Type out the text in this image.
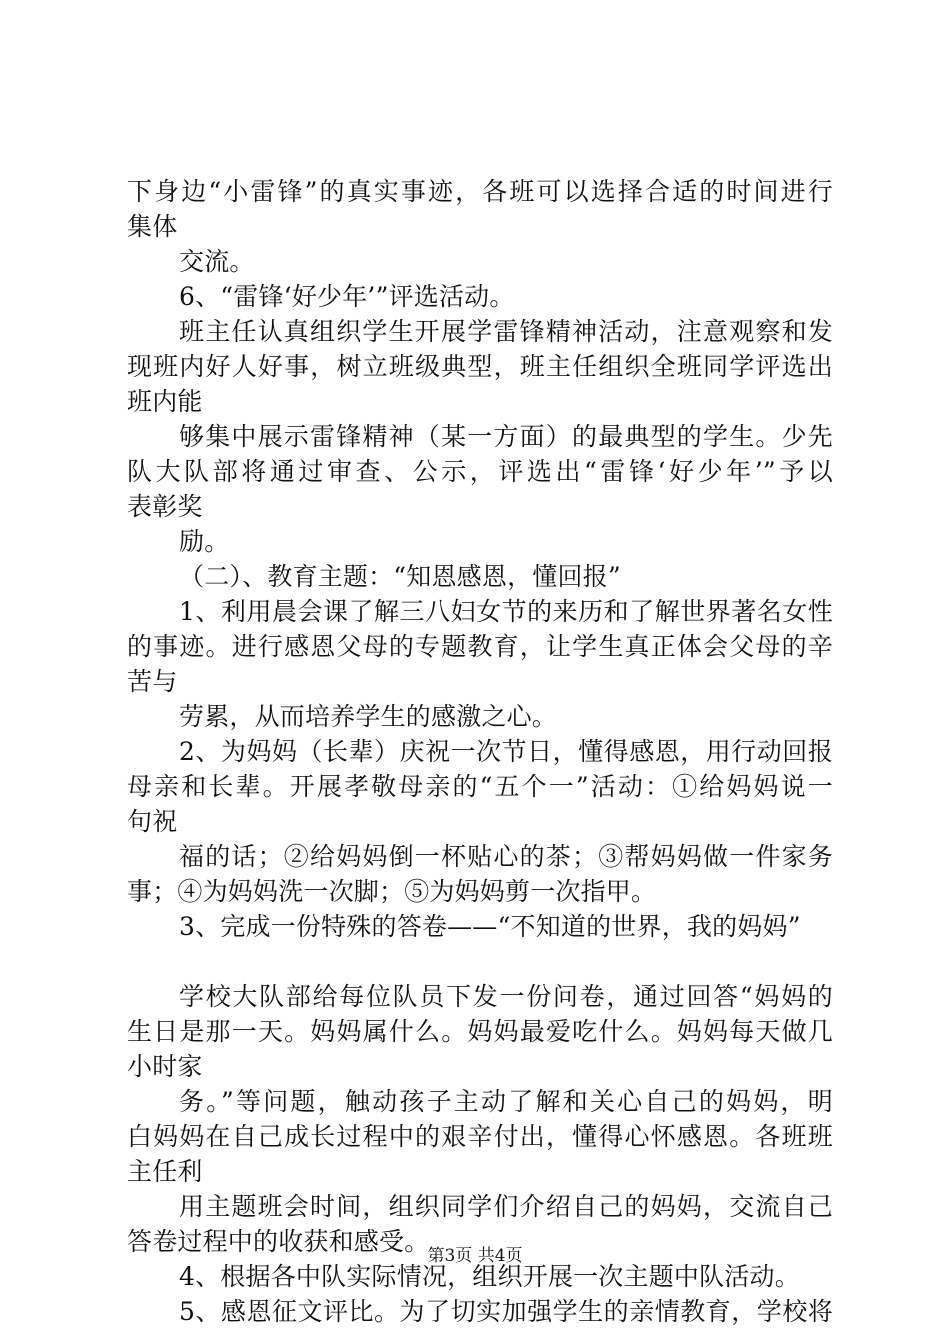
下身边“小雷锋”的真实事迹，各班可以选择合适的时间进行
集体
交流。
6、“雷锋‘好少年’”评选活动。
班主任认真组织学生开展学雷锋精神活动，注意观察和发
现班内好人好事，树立班级典型，班主任组织全班同学评选出
班内能
够集中展示雷锋精神（某一方面）的最典型的学生。少先
队大队部将通过审查、公示，评选出“雷锋‘好少年’”予以
表彰奖
励。
（二）、教育主题：“知恩感恩，懂回报”
1、利用晨会课了解三八妇女节的来历和了解世界著名女性
的事迹。进行感恩父母的专题教育，让学生真正体会父母的辛
苦与
劳累，从而培养学生的感激之心。
2、为妈妈（长辈）庆祝一次节日，懂得感恩，用行动回报
母亲和长辈。开展孝敬母亲的“五个一”活动：①给妈妈说一
句祝
福的话；②给妈妈倒一杯贴心的茶；③帮妈妈做一件家务
事；④为妈妈洗一次脚；⑤为妈妈剪一次指甲。
3、完成一份特殊的答卷——“不知道的世界，我的妈妈”
学校大队部给每位队员下发一份问卷，通过回答“妈妈的
生日是那一天。妈妈属什么。妈妈最爱吃什么。妈妈每天做几
小时家
务。”等问题，触动孩子主动了解和关心自己的妈妈，明
白妈妈在自己成长过程中的艰辛付出，懂得心怀感恩。各班班
主任利
用主题班会时间，组织同学们介绍自己的妈妈，交流自己
答卷过程中的收获和感受。
4、根据各中队实际情况，组织开展一次主题中队活动。
5、感恩征文评比。为了切实加强学生的亲情教育，学校将
第3页 共4页
